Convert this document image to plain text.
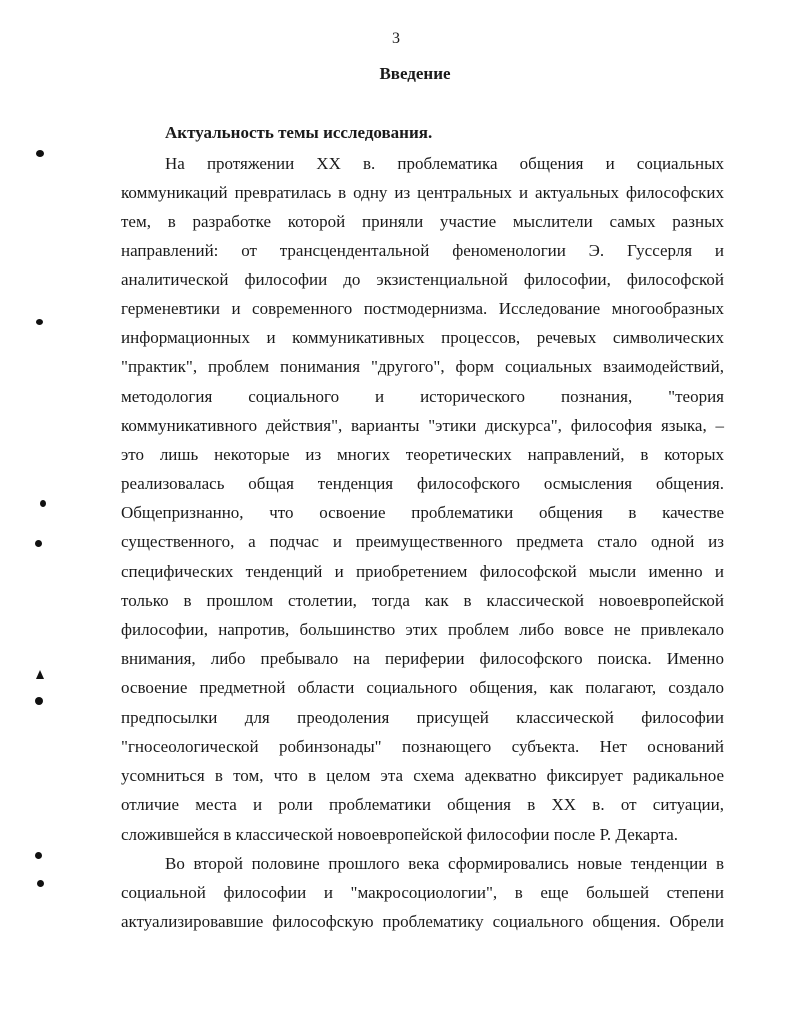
3
Введение
Актуальность темы исследования.
На протяжении XX в. проблематика общения и социальных
коммуникаций превратилась в одну из центральных и актуальных философских
тем, в разработке которой приняли участие мыслители самых разных
направлений: от трансцендентальной феноменологии Э. Гуссерля и
аналитической философии до экзистенциальной философии, философской
герменевтики и современного постмодернизма. Исследование многообразных
информационных и коммуникативных процессов, речевых символических
"практик", проблем понимания "другого", форм социальных взаимодействий,
методология социального и исторического познания, "теория
коммуникативного действия", варианты "этики дискурса", философия языка, –
это лишь некоторые из многих теоретических направлений, в которых
реализовалась общая тенденция философского осмысления общения.
Общепризнанно, что освоение проблематики общения в качестве
существенного, а подчас и преимущественного предмета стало одной из
специфических тенденций и приобретением философской мысли именно и
только в прошлом столетии, тогда как в классической новоевропейской
философии, напротив, большинство этих проблем либо вовсе не привлекало
внимания, либо пребывало на периферии философского поиска. Именно
освоение предметной области социального общения, как полагают, создало
предпосылки для преодоления присущей классической философии
"гносеологической робинзонады" познающего субъекта. Нет оснований
усомниться в том, что в целом эта схема адекватно фиксирует радикальное
отличие места и роли проблематики общения в XX в. от ситуации,
сложившейся в классической новоевропейской философии после Р. Декарта.
Во второй половине прошлого века сформировались новые тенденции в
социальной философии и "макросоциологии", в еще большей степени
актуализировавшие философскую проблематику социального общения. Обрели
